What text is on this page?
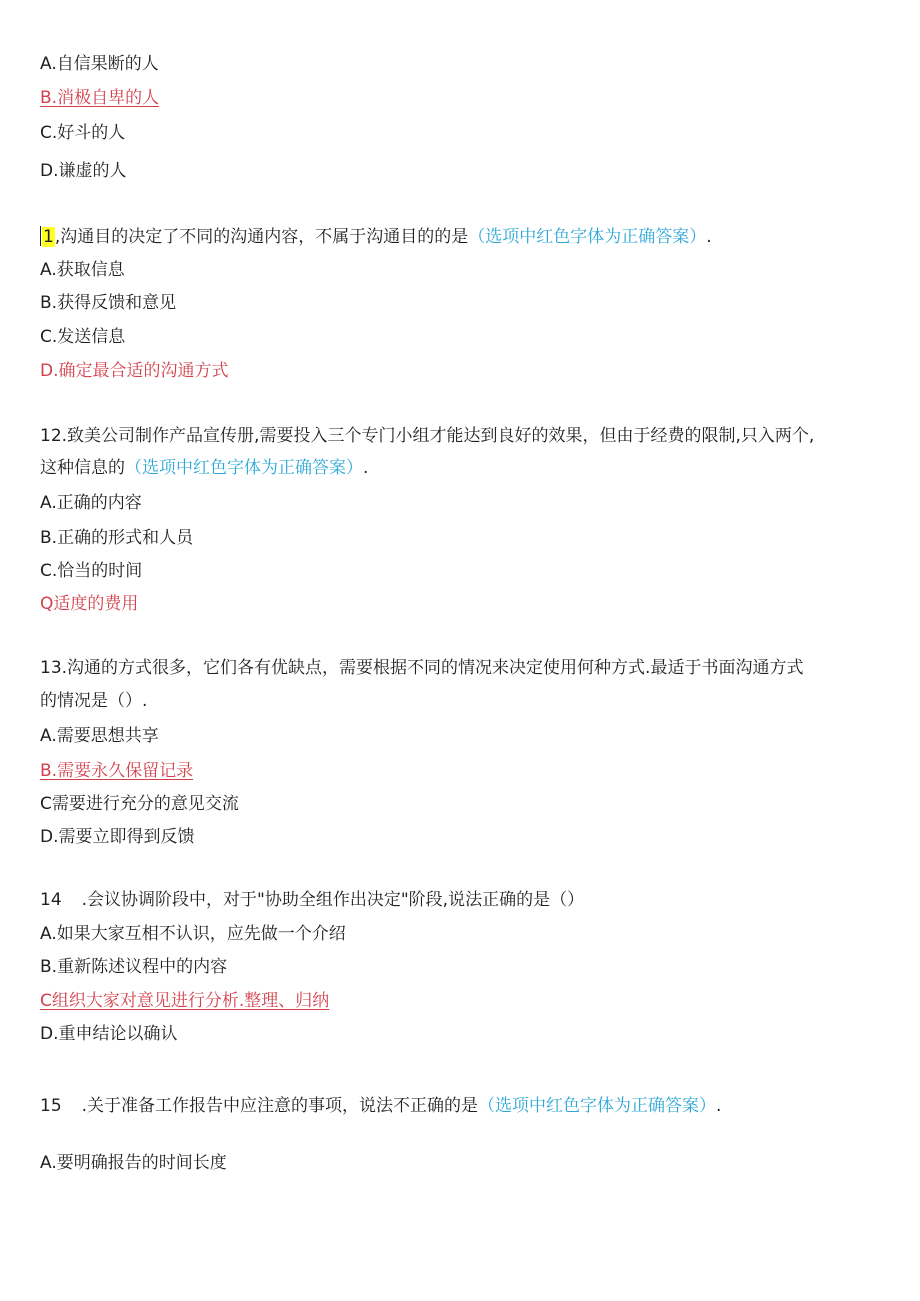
A.自信果断的人
B.消极自卑的人
C.好斗的人
D.谦虚的人
1,沟通目的决定了不同的沟通内容，不属于沟通目的的是（选项中红色字体为正确答案）.
A.获取信息
B.获得反馈和意见
C.发送信息
D.确定最合适的沟通方式
12.致美公司制作产品宣传册,需要投入三个专门小组才能达到良好的效果，但由于经费的限制,只入两个,
这种信息的（选项中红色字体为正确答案）.
A.正确的内容
B.正确的形式和人员
C.恰当的时间
Q适度的费用
13.沟通的方式很多，它们各有优缺点，需要根据不同的情况来决定使用何种方式.最适于书面沟通方式
的情况是（）.
A.需要思想共享
B.需要永久保留记录
C需要进行充分的意见交流
D.需要立即得到反馈
14 .会议协调阶段中，对于"协助全组作出决定"阶段,说法正确的是（）
A.如果大家互相不认识，应先做一个介绍
B.重新陈述议程中的内容
C组织大家对意见进行分析.整理、归纳
D.重申结论以确认
15 .关于准备工作报告中应注意的事项，说法不正确的是（选项中红色字体为正确答案）.
A.要明确报告的时间长度
